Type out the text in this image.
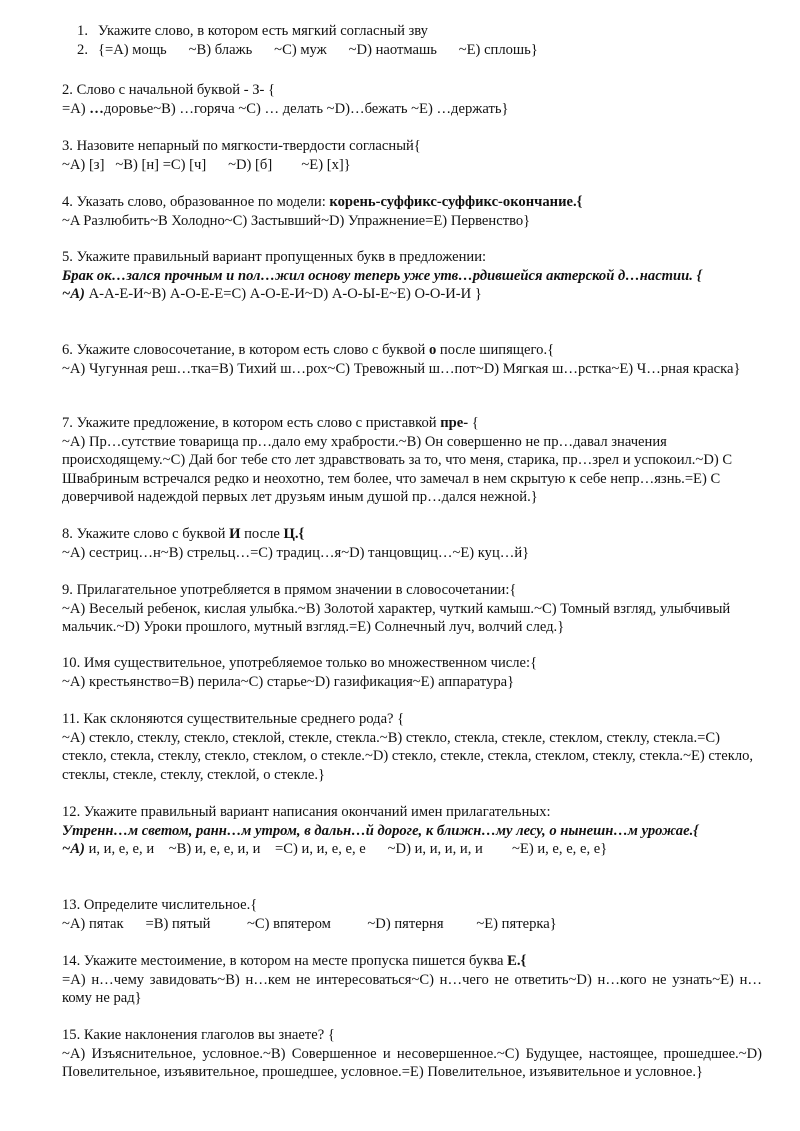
1. Укажите слово, в котором есть мягкий согласный зву
2. {=A) мощь      ~B) блажь      ~C) муж      ~D) наотмашь      ~E) сплошь}
2. Слово с начальной буквой - З- {
=A) …доровье~B) …горяча ~C) … делать ~D)…бежать ~E) …держать}
3. Назовите непарный по мягкости-твердости согласный{
~A) [з]   ~B) [н] =C) [ч]      ~D) [б]        ~E) [х]}
4. Указать слово, образованное по модели: корень-суффикс-суффикс-окончание.{
~A Разлюбить~B Холодно~C) Застывший~D) Упражнение=E) Первенство}
5. Укажите правильный вариант пропущенных букв в предложении:
Брак ок…зался прочным и пол…жил основу теперь уже утв…рдившейся актерской д…настии. {
~A) А-А-Е-И~B) А-О-Е-Е=C) А-О-Е-И~D) А-О-Ы-Е~E) О-О-И-И }
6. Укажите словосочетание, в котором есть слово с буквой о после шипящего.{
~A) Чугунная реш…тка=B) Тихий ш…рох~C) Тревожный ш…пот~D) Мягкая ш…рстка~E) Ч…рная краска}
7. Укажите предложение, в котором есть слово с приставкой пре- {
~A) Пр…сутствие товарища пр…дало ему храбрости.~B) Он совершенно не пр…давал значения происходящему.~C) Дай бог тебе сто лет здравствовать за то, что меня, старика, пр…зрел и успокоил.~D) С Швабриным встречался редко и неохотно, тем более, что замечал в нем скрытую к себе непр…язнь.=E) С доверчивой надеждой первых лет друзьям иным душой пр…дался нежной.}
8. Укажите слово с буквой И после Ц.{
~A) сестриц…н~B) стрельц…=C) традиц…я~D) танцовщиц…~E) куц…й}
9. Прилагательное употребляется в прямом значении в словосочетании:{
~A) Веселый ребенок, кислая улыбка.~B) Золотой характер, чуткий камыш.~C) Томный взгляд, улыбчивый мальчик.~D) Уроки прошлого, мутный взгляд.=E) Солнечный луч, волчий след.}
10. Имя существительное, употребляемое только во множественном числе:{
~A) крестьянство=B) перила~C) старье~D) газификация~E) аппаратура}
11. Как склоняются существительные среднего рода? {
~A) стекло, стеклу, стекло, стеклой, стекле, стекла.~B) стекло, стекла, стекле, стеклом, стеклу, стекла.=C) стекло, стекла, стеклу, стекло, стеклом, о стекле.~D) стекло, стекле, стекла, стеклом, стеклу, стекла.~E) стекло, стеклы, стекле, стеклу, стеклой, о стекле.}
12. Укажите правильный вариант написания окончаний имен прилагательных:
Утренн…м светом, ранн…м утром, в дальн…й дороге, к ближн…му лесу, о нынешн…м урожае.{
~A) и, и, е, е, и    ~B) и, е, е, и, и    =C) и, и, е, е, е      ~D) и, и, и, и, и        ~E) и, е, е, е, е}
13. Определите числительное.{
~A) пятак      =B) пятый          ~C) впятером          ~D) пятерня         ~E) пятерка}
14. Укажите местоимение, в котором на месте пропуска пишется буква Е.{
=A) н…чему завидовать~B) н…кем не интересоваться~C) н…чего не ответить~D) н…кого не узнать~E) н…кому не рад}
15. Какие наклонения глаголов вы знаете? {
~A) Изъяснительное, условное.~B) Совершенное и несовершенное.~C) Будущее, настоящее, прошедшее.~D) Повелительное, изъявительное, прошедшее, условное.=E) Повелительное, изъявительное и условное.}
